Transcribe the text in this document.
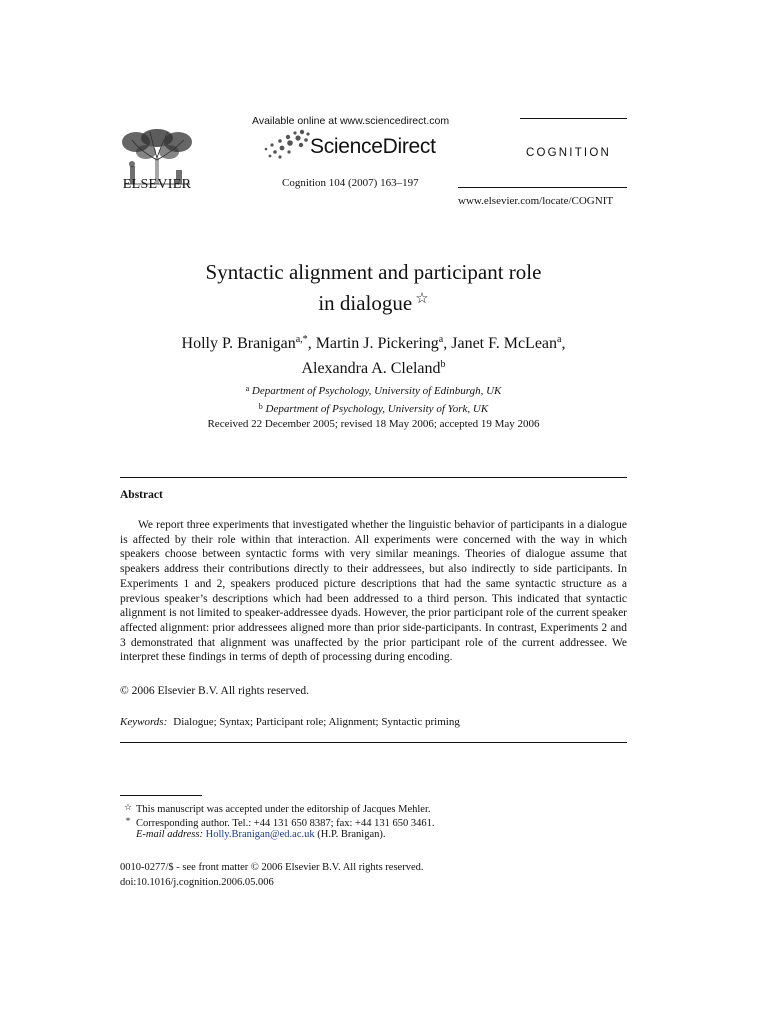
ELSEVIER
Available online at www.sciencedirect.com
ScienceDirect
Cognition 104 (2007) 163–197
COGNITION
www.elsevier.com/locate/COGNIT
Syntactic alignment and participant role
in dialogue ☆
Holly P. Branigan$^{a,*}$, Martin J. Pickering$^a$, Janet F. McLean$^a$,
Alexandra A. Cleland$^b$
$^a$ Department of Psychology, University of Edinburgh, UK
$^b$ Department of Psychology, University of York, UK
Received 22 December 2005; revised 18 May 2006; accepted 19 May 2006
Abstract

We report three experiments that investigated whether the linguistic behavior of participants in a dialogue is affected by their role within that interaction. All experiments were concerned with the way in which speakers choose between syntactic forms with very similar meanings. Theories of dialogue assume that speakers address their contributions directly to their addressees, but also indirectly to side participants. In Experiments 1 and 2, speakers produced picture descriptions that had the same syntactic structure as a previous speaker’s descriptions which had been addressed to a third person. This indicated that syntactic alignment is not limited to speaker-addressee dyads. However, the prior participant role of the current speaker affected alignment: prior addressees aligned more than prior side-participants. In contrast, Experiments 2 and 3 demonstrated that alignment was unaffected by the prior participant role of the current addressee. We interpret these findings in terms of depth of processing during encoding.

© 2006 Elsevier B.V. All rights reserved.
Keywords: Dialogue; Syntax; Participant role; Alignment; Syntactic priming
☆ This manuscript was accepted under the editorship of Jacques Mehler.
* Corresponding author. Tel.: +44 131 650 8387; fax: +44 131 650 3461.
E-mail address: Holly.Branigan@ed.ac.uk (H.P. Branigan).
0010-0277/$ - see front matter © 2006 Elsevier B.V. All rights reserved.
doi:10.1016/j.cognition.2006.05.006
